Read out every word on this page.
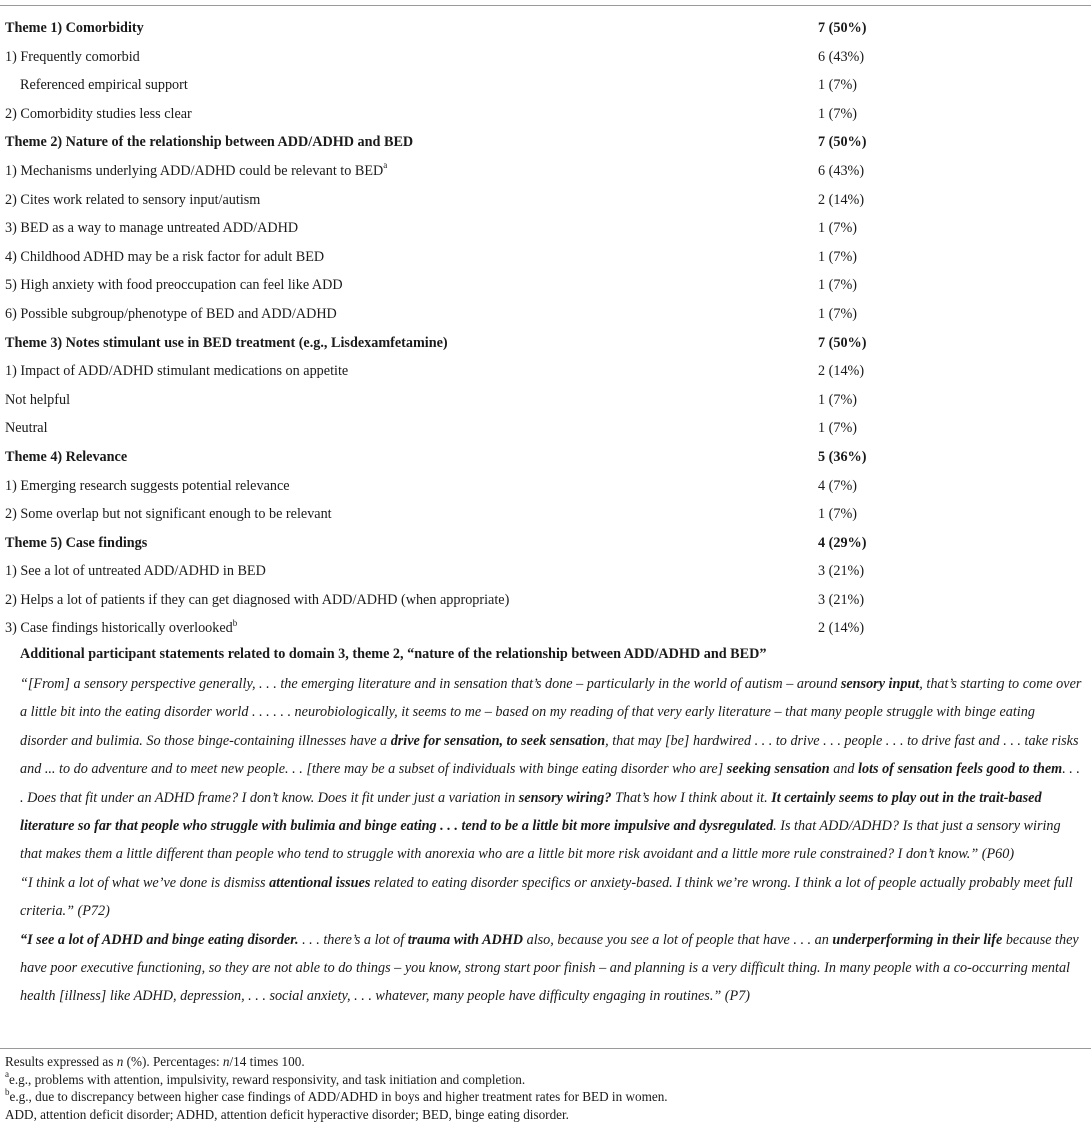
Theme 1) Comorbidity	7 (50%)
1) Frequently comorbid	6 (43%)
Referenced empirical support	1 (7%)
2) Comorbidity studies less clear	1 (7%)
Theme 2) Nature of the relationship between ADD/ADHD and BED	7 (50%)
1) Mechanisms underlying ADD/ADHD could be relevant to BED$^a$	6 (43%)
2) Cites work related to sensory input/autism	2 (14%)
3) BED as a way to manage untreated ADD/ADHD	1 (7%)
4) Childhood ADHD may be a risk factor for adult BED	1 (7%)
5) High anxiety with food preoccupation can feel like ADD	1 (7%)
6) Possible subgroup/phenotype of BED and ADD/ADHD	1 (7%)
Theme 3) Notes stimulant use in BED treatment (e.g., Lisdexamfetamine)	7 (50%)
1) Impact of ADD/ADHD stimulant medications on appetite	2 (14%)
Not helpful	1 (7%)
Neutral	1 (7%)
Theme 4) Relevance	5 (36%)
1) Emerging research suggests potential relevance	4 (7%)
2) Some overlap but not significant enough to be relevant	1 (7%)
Theme 5) Case findings	4 (29%)
1) See a lot of untreated ADD/ADHD in BED	3 (21%)
2) Helps a lot of patients if they can get diagnosed with ADD/ADHD (when appropriate)	3 (21%)
3) Case findings historically overlooked$^b$	2 (14%)
Additional participant statements related to domain 3, theme 2, “nature of the relationship between ADD/ADHD and BED”
“[From] a sensory perspective generally, . . . the emerging literature and in sensation that’s done – particularly in the world of autism – around sensory input, that’s starting to come over a little bit into the eating disorder world . . . . . . neurobiologically, it seems to me – based on my reading of that very early literature – that many people struggle with binge eating disorder and bulimia. So those binge-containing illnesses have a drive for sensation, to seek sensation, that may [be] hardwired . . . to drive . . . people . . . to drive fast and . . . take risks and ... to do adventure and to meet new people. . . [there may be a subset of individuals with binge eating disorder who are] seeking sensation and lots of sensation feels good to them. . . . Does that fit under an ADHD frame? I don’t know. Does it fit under just a variation in sensory wiring? That’s how I think about it. It certainly seems to play out in the trait-based literature so far that people who struggle with bulimia and binge eating . . . tend to be a little bit more impulsive and dysregulated. Is that ADD/ADHD? Is that just a sensory wiring that makes them a little different than people who tend to struggle with anorexia who are a little bit more risk avoidant and a little more rule constrained? I don’t know.” (P60)
“I think a lot of what we’ve done is dismiss attentional issues related to eating disorder specifics or anxiety-based. I think we’re wrong. I think a lot of people actually probably meet full criteria.” (P72)
“I see a lot of ADHD and binge eating disorder. . . . there’s a lot of trauma with ADHD also, because you see a lot of people that have . . . an underperforming in their life because they have poor executive functioning, so they are not able to do things – you know, strong start poor finish – and planning is a very difficult thing. In many people with a co-occurring mental health [illness] like ADHD, depression, . . . social anxiety, . . . whatever, many people have difficulty engaging in routines.” (P7)
Results expressed as n (%). Percentages: n/14 times 100.
$^a$e.g., problems with attention, impulsivity, reward responsivity, and task initiation and completion.
$^b$e.g., due to discrepancy between higher case findings of ADD/ADHD in boys and higher treatment rates for BED in women.
ADD, attention deficit disorder; ADHD, attention deficit hyperactive disorder; BED, binge eating disorder.
